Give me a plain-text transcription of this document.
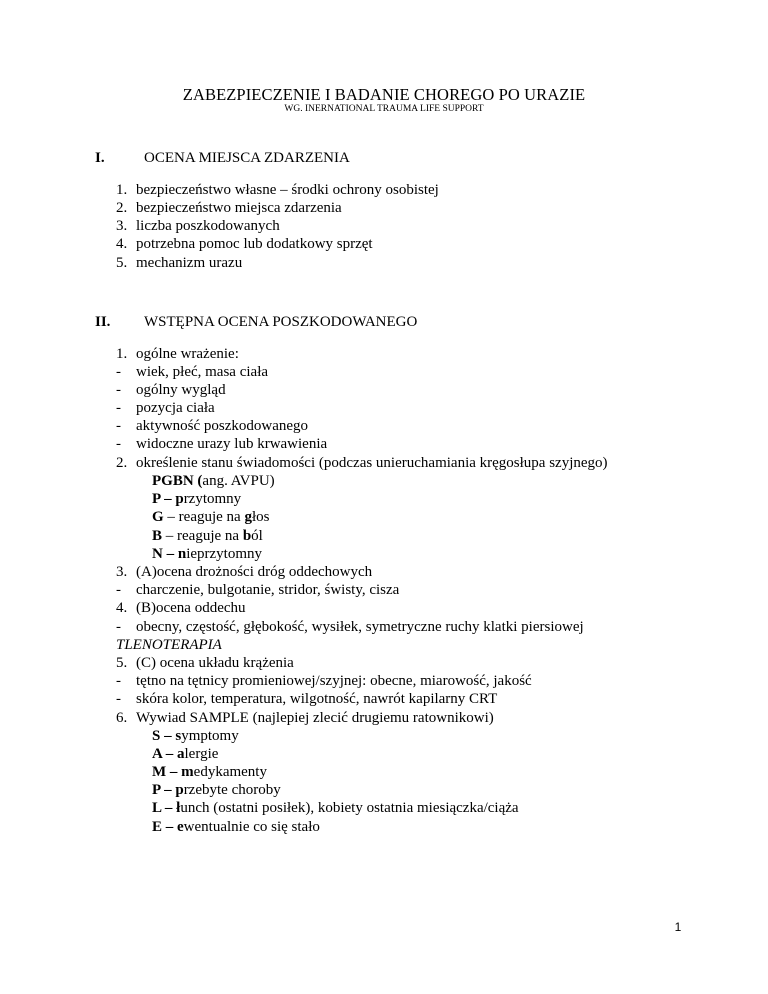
ZABEZPIECZENIE I BADANIE CHOREGO PO URAZIE
WG. INERNATIONAL TRAUMA LIFE SUPPORT
I.	OCENA MIEJSCA ZDARZENIA
1. bezpieczeństwo własne – środki ochrony osobistej
2. bezpieczeństwo miejsca zdarzenia
3. liczba poszkodowanych
4. potrzebna pomoc lub dodatkowy sprzęt
5. mechanizm urazu
II. WSTĘPNA OCENA POSZKODOWANEGO
1. ogólne wrażenie:
-	wiek, płeć, masa ciała
-	ogólny wygląd
-	pozycja ciała
-	aktywność poszkodowanego
-	widoczne urazy lub krwawienia
2. określenie stanu świadomości (podczas unieruchamiania kręgosłupa szyjnego)
PGBN (ang. AVPU)
P – przytomny
G – reaguje na głos
B – reaguje na ból
N – nieprzytomny
3. (A)ocena drożności dróg oddechowych
-	charczenie, bulgotanie, stridor, świsty, cisza
4. (B)ocena oddechu
-	obecny, częstość, głębokość, wysiłek, symetryczne ruchy klatki piersiowej
TLENOTERAPIA
5. (C) ocena układu krążenia
-	tętno na tętnicy promieniowej/szyjnej: obecne, miarowość, jakość
-	skóra kolor, temperatura, wilgotność, nawrót kapilarny CRT
6. Wywiad SAMPLE (najlepiej zlecić drugiemu ratownikowi)
S – symptomy
A – alergie
M – medykamenty
P – przebyte choroby
L – łunch (ostatni posiłek), kobiety ostatnia miesiączka/ciąża
E – ewentualnie co się stało
1
